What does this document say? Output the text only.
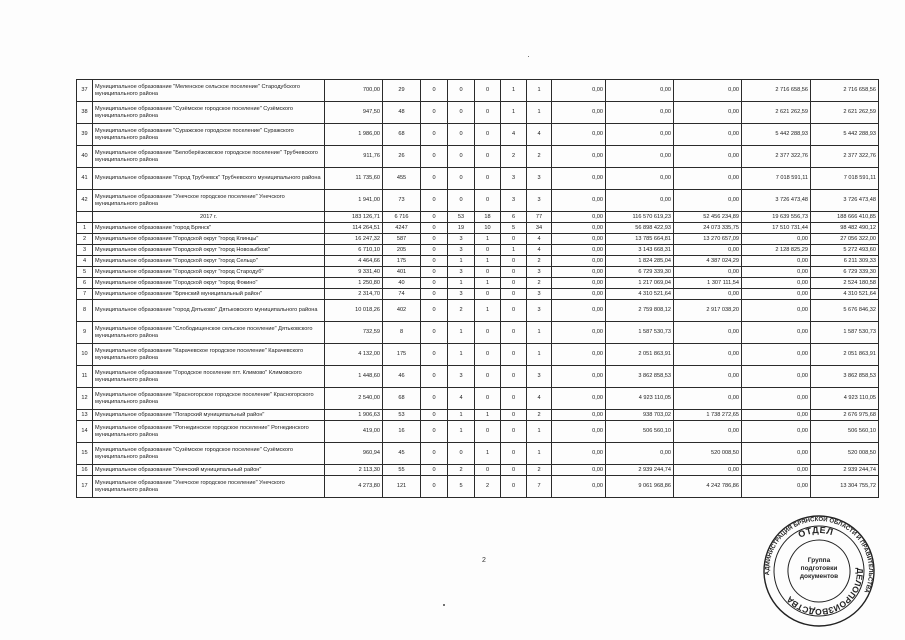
37	Муниципальное образование "Меленское сельское поселение" Стародубского муниципального района	700,00	29	0	0	0	1	1	0,00	0,00	0,00	2 716 658,56	2 716 658,56
38	Муниципальное образование "Сузёмское городское поселение" Сузёмского муниципального района	947,50	48	0	0	0	1	1	0,00	0,00	0,00	2 621 262,59	2 621 262,59
39	Муниципальное образование "Суражское городское поселение" Суражского муниципального района	1 986,00	68	0	0	0	4	4	0,00	0,00	0,00	5 442 288,93	5 442 288,93
40	Муниципальное образование "Белоберёзковское городское поселение" Трубчевского муниципального района	911,76	26	0	0	0	2	2	0,00	0,00	0,00	2 377 322,76	2 377 322,76
41	Муниципальное образование "Город Трубчевск" Трубчевского муниципального района	11 735,60	455	0	0	0	3	3	0,00	0,00	0,00	7 018 591,11	7 018 591,11
42	Муниципальное образование "Унечское городское поселение" Унечского муниципального района	1 941,00	73	0	0	0	3	3	0,00	0,00	0,00	3 726 473,48	3 726 473,48
	2017 г.	183 126,71	6 716	0	53	18	6	77	0,00	116 570 619,23	52 456 234,89	19 639 556,73	188 666 410,85
1	Муниципальное образование "город Брянск"	114 264,51	4247	0	19	10	5	34	0,00	56 898 422,93	24 073 335,75	17 510 731,44	98 482 490,12
2	Муниципальное образование "Городской округ "город Клинцы"	16 247,32	587	0	3	1	0	4	0,00	13 785 664,81	13 270 657,09	0,00	27 056 322,00
3	Муниципальное образование "Городской округ "город Новозыбков"	6 710,10	205	0	3	0	1	4	0,00	3 143 668,31	0,00	2 128 825,29	5 272 493,60
4	Муниципальное образование "Городской округ "город Сельцо"	4 464,66	175	0	1	1	0	2	0,00	1 824 285,04	4 387 024,29	0,00	6 211 309,33
5	Муниципальное образование "Городской округ "город Стародуб"	9 331,40	401	0	3	0	0	3	0,00	6 729 339,30	0,00	0,00	6 729 339,30
6	Муниципальное образование "Городской округ "город Фокино"	1 250,80	40	0	1	1	0	2	0,00	1 217 069,04	1 307 111,54	0,00	2 524 180,58
7	Муниципальное образование "Брянский муниципальный район"	2 314,70	74	0	3	0	0	3	0,00	4 310 521,64	0,00	0,00	4 310 521,64
8	Муниципальное образование "город Дятьково" Дятьковского муниципального района	10 018,26	402	0	2	1	0	3	0,00	2 759 808,12	2 917 038,20	0,00	5 676 846,32
9	Муниципальное образование "Слободищенское сельское поселение" Дятьковского муниципального района	732,59	8	0	1	0	0	1	0,00	1 587 530,73	0,00	0,00	1 587 530,73
10	Муниципальное образование "Карачевское городское поселение" Карачевского муниципального района	4 132,00	175	0	1	0	0	1	0,00	2 051 863,91	0,00	0,00	2 051 863,91
11	Муниципальное образование "Городское поселение пгт. Климово" Климовского муниципального района	1 448,60	46	0	3	0	0	3	0,00	3 862 858,53	0,00	0,00	3 862 858,53
12	Муниципальное образование "Красногорское городское поселение" Красногорского муниципального района	2 540,00	68	0	4	0	0	4	0,00	4 923 110,05	0,00	0,00	4 923 110,05
13	Муниципальное образование "Погарский муниципальный район"	1 906,63	53	0	1	1	0	2	0,00	938 703,02	1 738 272,65	0,00	2 676 975,68
14	Муниципальное образование "Рогнединское городское поселение" Рогнединского муниципального района	419,00	16	0	1	0	0	1	0,00	506 560,10	0,00	0,00	506 560,10
15	Муниципальное образование "Сузёмское городское поселение" Сузёмского муниципального района	960,94	45	0	0	1	0	1	0,00	0,00	520 008,50	0,00	520 008,50
16	Муниципальное образование "Унечский муниципальный район"	2 113,30	55	0	2	0	0	2	0,00	2 939 244,74	0,00	0,00	2 939 244,74
17	Муниципальное образование "Унечское городское поселение" Унечского муниципального района	4 273,80	121	0	5	2	0	7	0,00	9 061 968,86	4 242 786,86	0,00	13 304 755,72
2
АДМИНИСТРАЦИЯ БРЯНСКОЙ ОБЛАСТИ И ПРАВИТЕЛЬСТВА
ОТДЕЛ
ДЕЛОПРОИЗВОДСТВА
Группа
подготовки
документов
